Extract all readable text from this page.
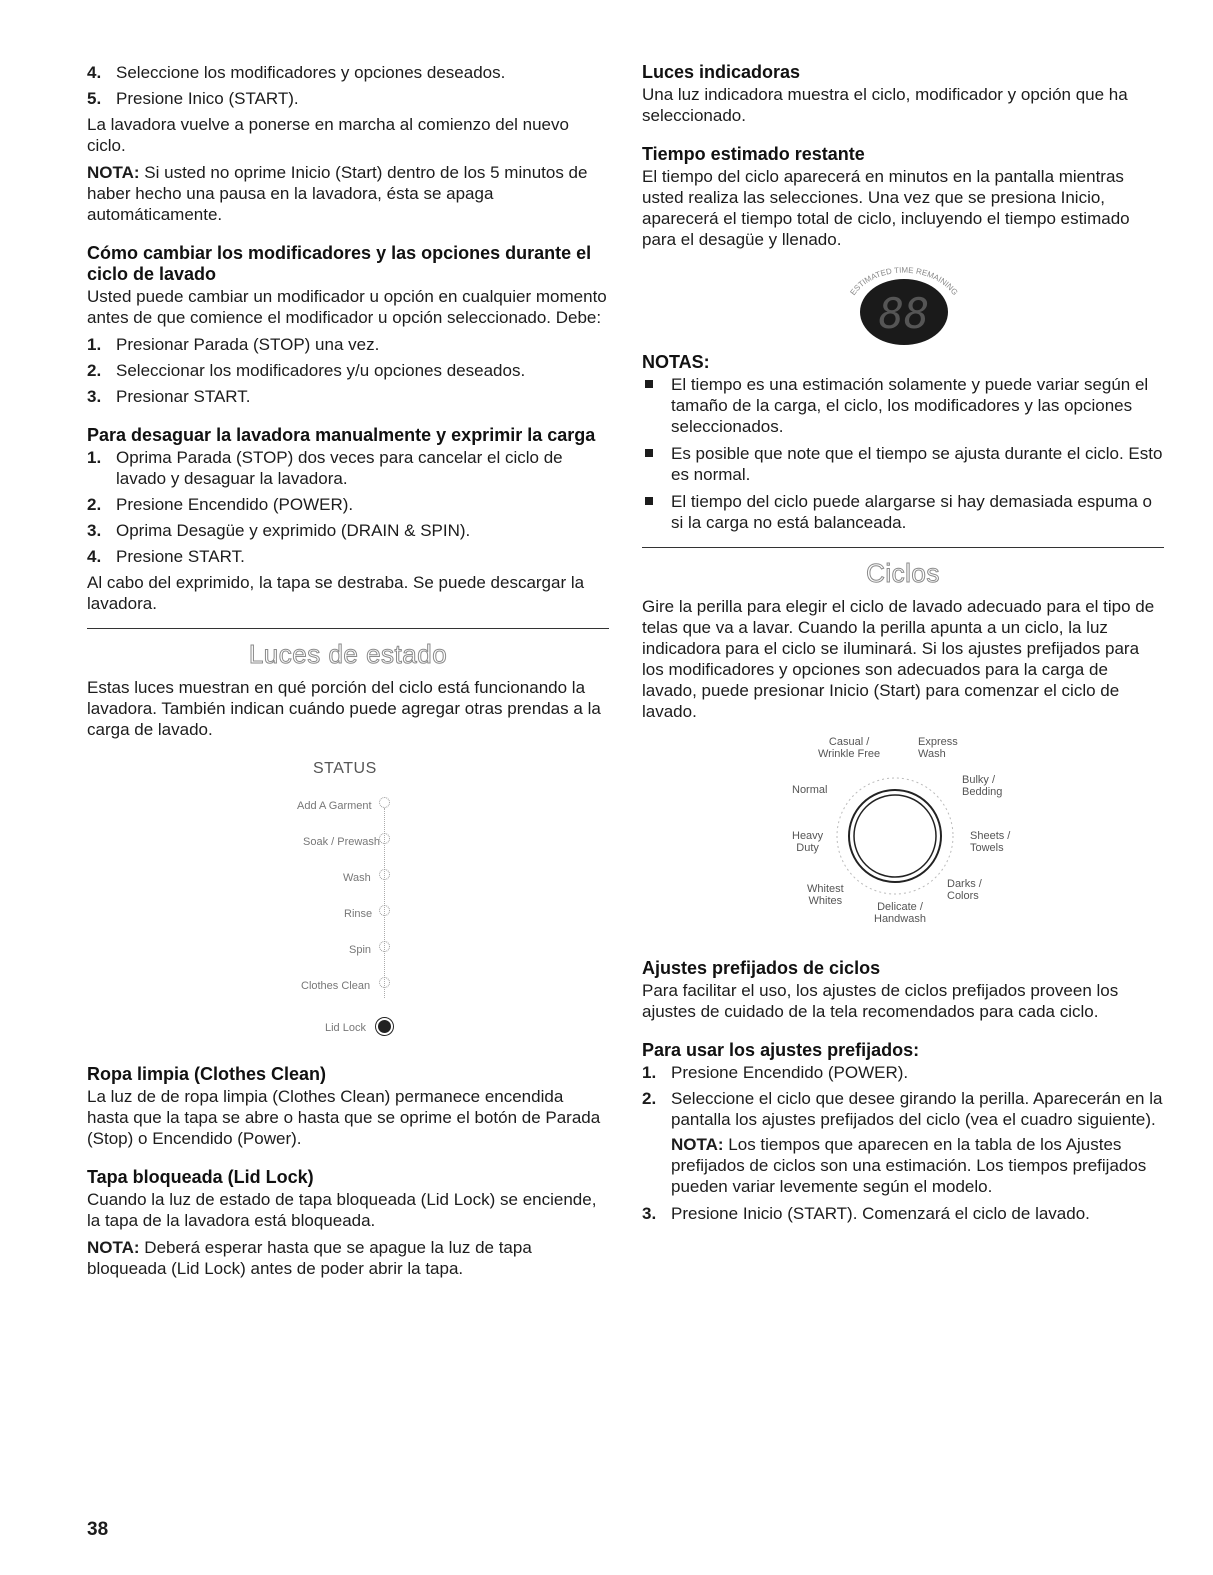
4. Seleccione los modificadores y opciones deseados.
5. Presione Inico (START).

La lavadora vuelve a ponerse en marcha al comienzo del nuevo ciclo.

NOTA: Si usted no oprime Inicio (Start) dentro de los 5 minutos de haber hecho una pausa en la lavadora, ésta se apaga automáticamente.

Cómo cambiar los modificadores y las opciones durante el ciclo de lavado

Usted puede cambiar un modificador u opción en cualquier momento antes de que comience el modificador u opción seleccionado. Debe:

1. Presionar Parada (STOP) una vez.
2. Seleccionar los modificadores y/u opciones deseados.
3. Presionar START.
Para desaguar la lavadora manualmente y exprimir la carga
1. Oprima Parada (STOP) dos veces para cancelar el ciclo de lavado y desaguar la lavadora.
2. Presione Encendido (POWER).
3. Oprima Desagüe y exprimido (DRAIN & SPIN).
4. Presione START.

Al cabo del exprimido, la tapa se destraba. Se puede descargar la lavadora.

Luces de estado

Estas luces muestran en qué porción del ciclo está funcionando la lavadora. También indican cuándo puede agregar otras prendas a la carga de lavado.

STATUS
Add A Garment
Soak / Prewash
Wash
Rinse
Spin
Clothes Clean
Lid Lock
Ropa limpia (Clothes Clean)

La luz de de ropa limpia (Clothes Clean) permanece encendida hasta que la tapa se abre o hasta que se oprime el botón de Parada (Stop) o Encendido (Power).

Tapa bloqueada (Lid Lock)

Cuando la luz de estado de tapa bloqueada (Lid Lock) se enciende, la tapa de la lavadora está bloqueada.

NOTA: Deberá esperar hasta que se apague la luz de tapa bloqueada (Lid Lock) antes de poder abrir la tapa.

Luces indicadoras

Una luz indicadora muestra el ciclo, modificador y opción que ha seleccionado.

Tiempo estimado restante

El tiempo del ciclo aparecerá en minutos en la pantalla mientras usted realiza las selecciones. Una vez que se presiona Inicio, aparecerá el tiempo total de ciclo, incluyendo el tiempo estimado para el desagüe y llenado.

ESTIMATED TIME REMAINING
88
NOTAS:
El tiempo es una estimación solamente y puede variar según el tamaño de la carga, el ciclo, los modificadores y las opciones seleccionados.
Es posible que note que el tiempo se ajusta durante el ciclo. Esto es normal.
El tiempo del ciclo puede alargarse si hay demasiada espuma o si la carga no está balanceada.
Ciclos

Gire la perilla para elegir el ciclo de lavado adecuado para el tipo de telas que va a lavar. Cuando la perilla apunta a un ciclo, la luz indicadora para el ciclo se iluminará. Si los ajustes prefijados para los modificadores y opciones son adecuados para la carga de lavado, puede presionar Inicio (Start) para comenzar el ciclo de lavado.

Casual /
Wrinkle Free
Express
Wash
Normal
Bulky /
Bedding
Heavy
Duty
Sheets /
Towels
Whitest
Whites
Darks /
Colors
Delicate /
Handwash
Ajustes prefijados de ciclos

Para facilitar el uso, los ajustes de ciclos prefijados proveen los ajustes de cuidado de la tela recomendados para cada ciclo.

Para usar los ajustes prefijados:
1. Presione Encendido (POWER).
2. Seleccione el ciclo que desee girando la perilla. Aparecerán en la pantalla los ajustes prefijados del ciclo (vea el cuadro siguiente).

NOTA: Los tiempos que aparecen en la tabla de los Ajustes prefijados de ciclos son una estimación. Los tiempos prefijados pueden variar levemente según el modelo.

3. Presione Inicio (START). Comenzará el ciclo de lavado.
38
